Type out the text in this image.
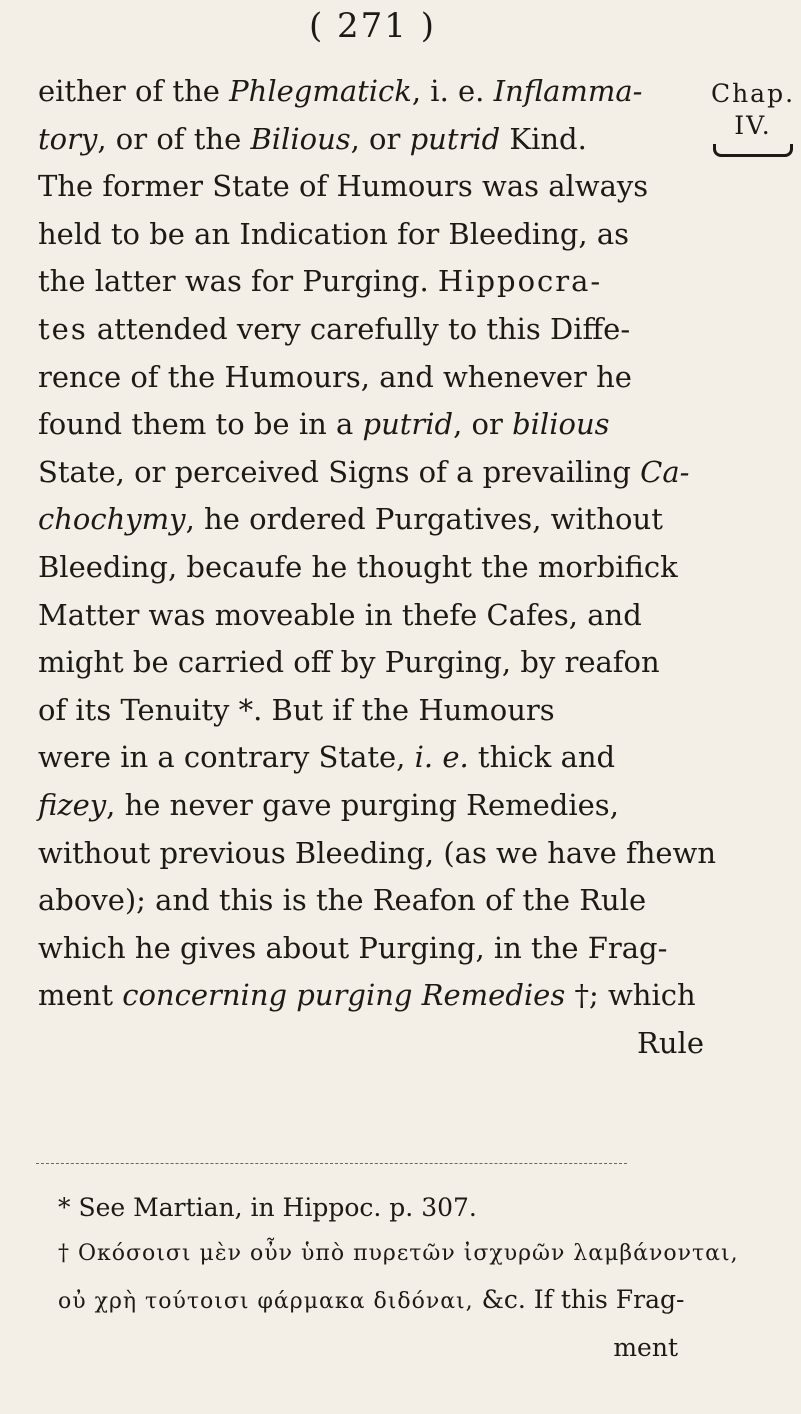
( 271 )
Chap.
IV.
either of the Phlegmatick, i. e. Inflamma-
tory, or of the Bilious, or putrid Kind.
The former State of Humours was always
held to be an Indication for Bleeding, as
the latter was for Purging. Hippocra-
tes attended very carefully to this Diffe-
rence of the Humours, and whenever he
found them to be in a putrid, or bilious
State, or perceived Signs of a prevailing Ca-
chochymy, he ordered Purgatives, without
Bleeding, becaufe he thought the morbifick
Matter was moveable in thefe Cafes, and
might be carried off by Purging, by reafon
of its Tenuity *. But if the Humours
were in a contrary State, i. e. thick and
fizey, he never gave purging Remedies,
without previous Bleeding, (as we have fhewn
above); and this is the Reafon of the Rule
which he gives about Purging, in the Frag-
ment concerning purging Remedies †; which
Rule
* See Martian, in Hippoc. p. 307.
† Οκόσοισι μὲν οὖν ὑπὸ πυρετῶν ἰσχυρῶν λαμβάνονται,
οὐ χρὴ τούτοισι φάρμακα διδόναι, &c. If this Frag-
ment
